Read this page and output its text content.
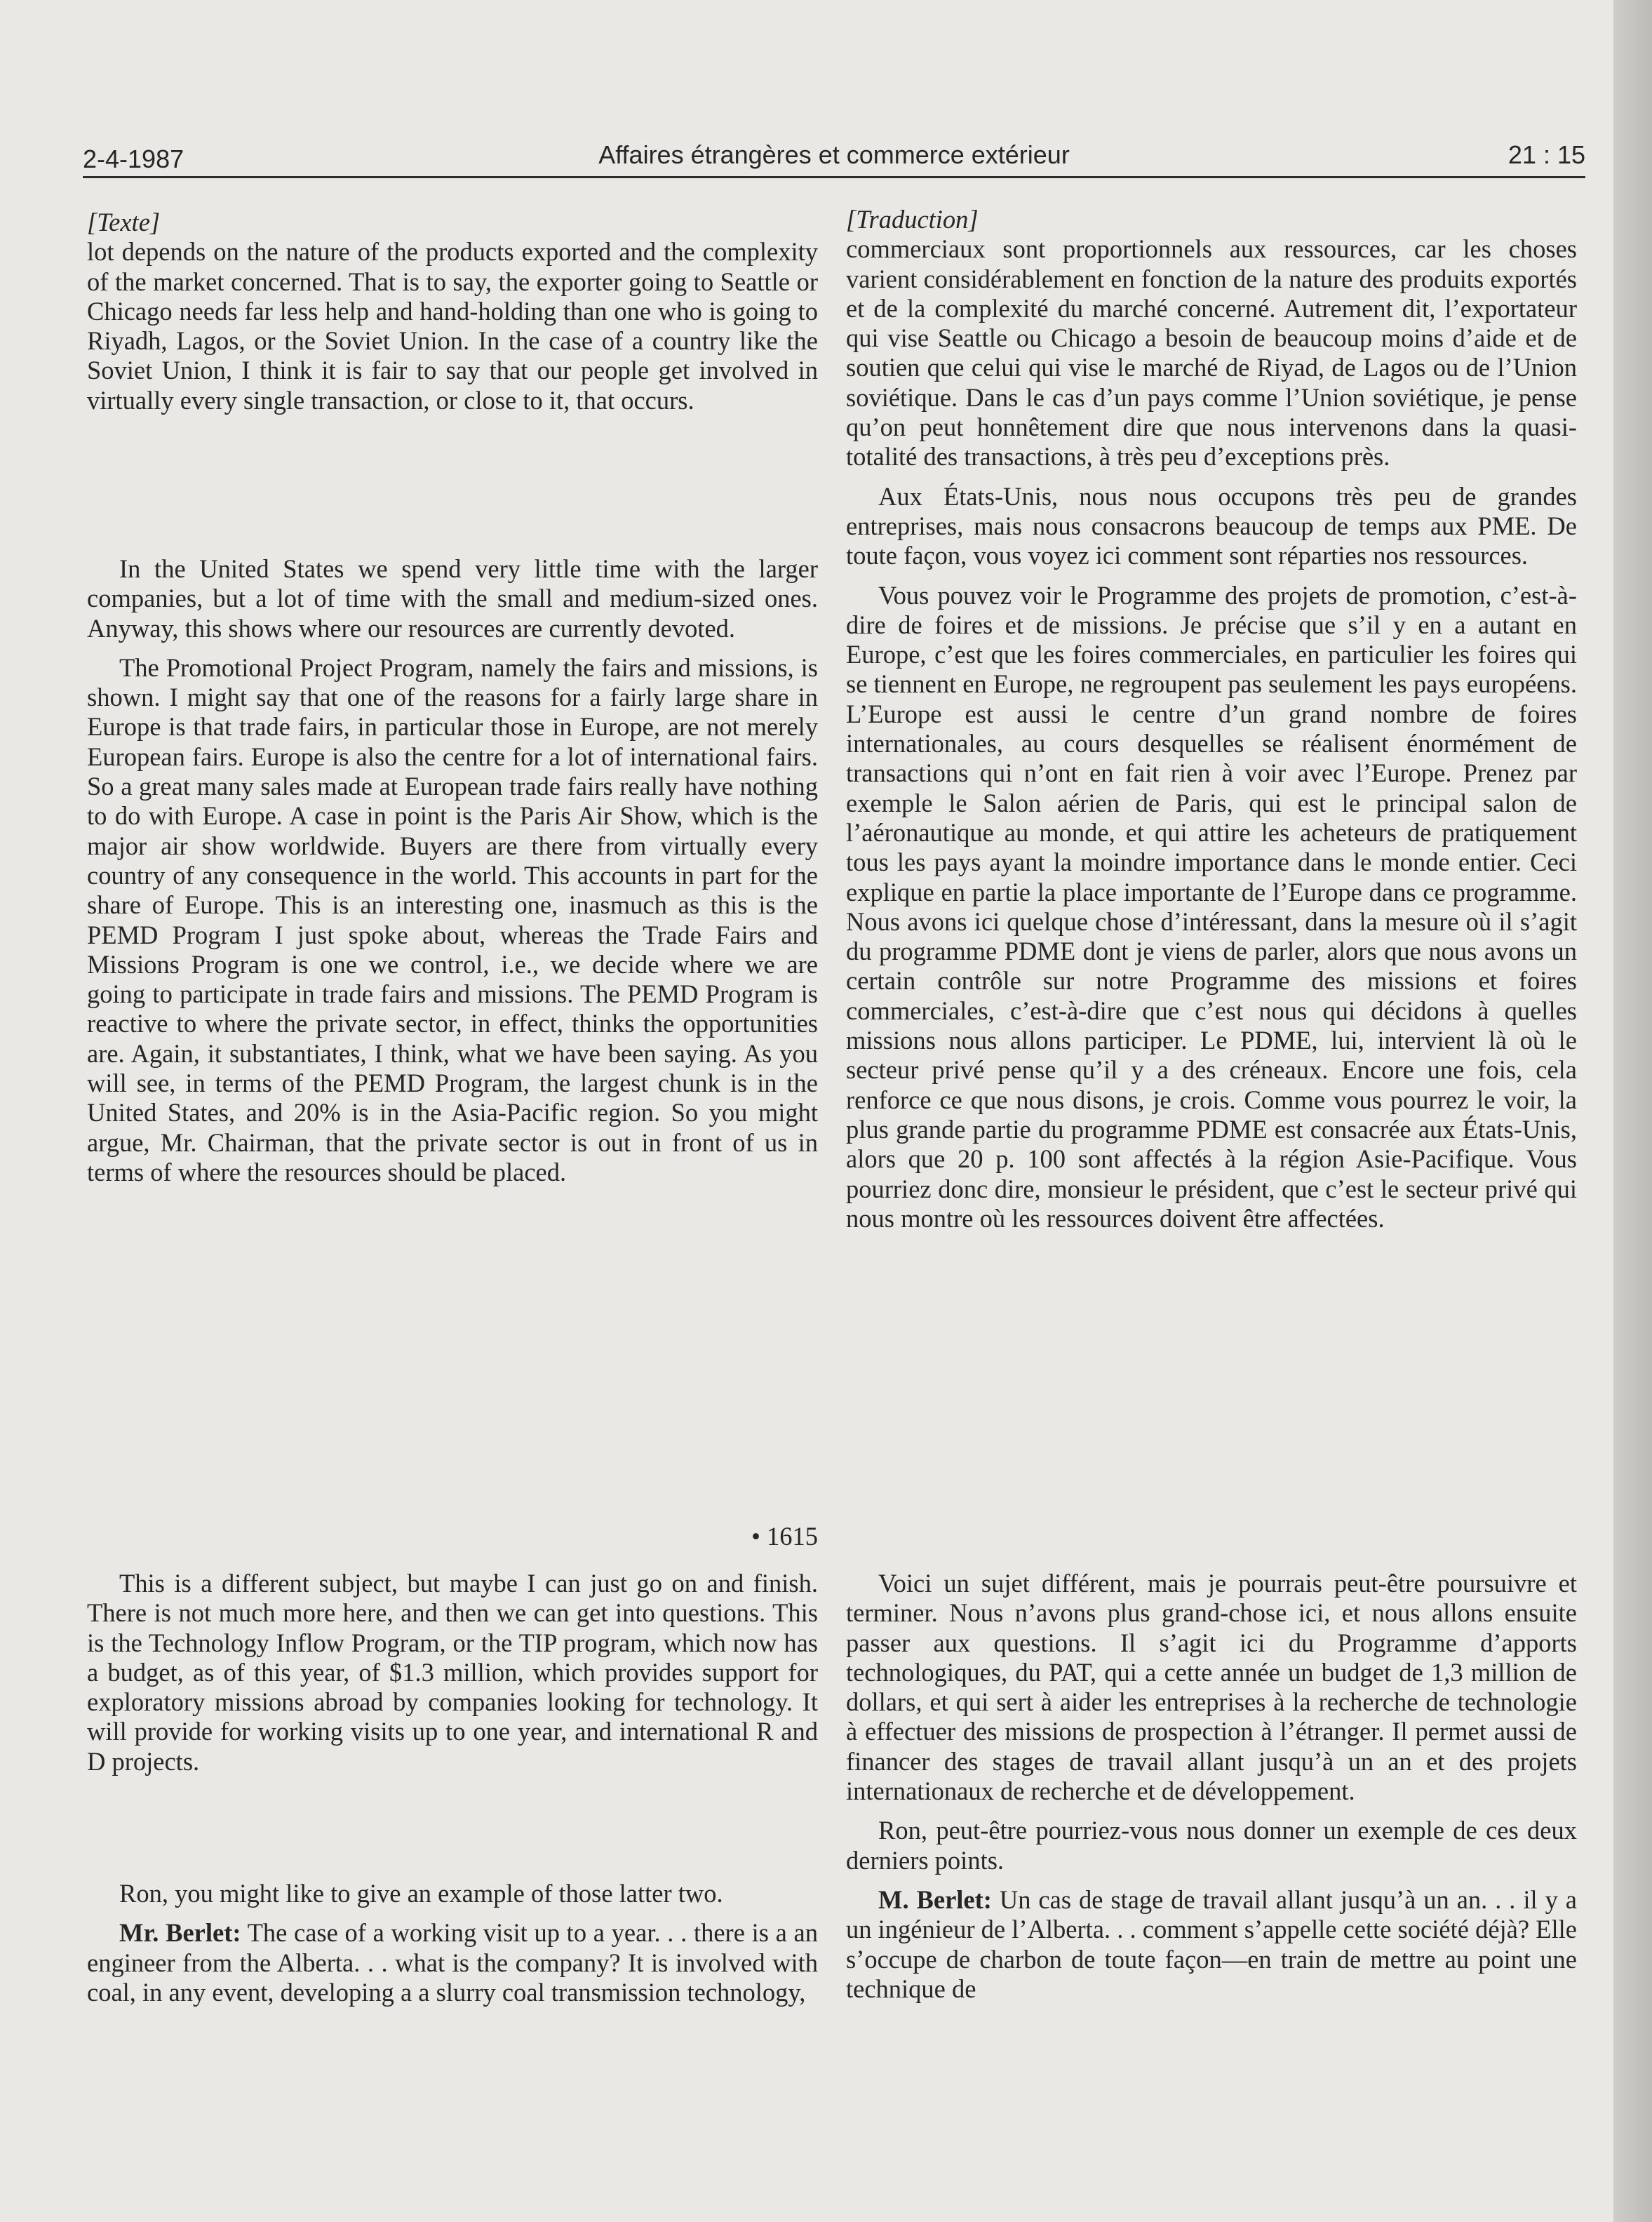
2-4-1987	Affaires étrangères et commerce extérieur	21 : 15

[Texte]

lot depends on the nature of the products exported and the complexity of the market concerned. That is to say, the exporter going to Seattle or Chicago needs far less help and hand-holding than one who is going to Riyadh, Lagos, or the Soviet Union. In the case of a country like the Soviet Union, I think it is fair to say that our people get involved in virtually every single transaction, or close to it, that occurs.

In the United States we spend very little time with the larger companies, but a lot of time with the small and medium-sized ones. Anyway, this shows where our resources are currently devoted.

The Promotional Project Program, namely the fairs and missions, is shown. I might say that one of the reasons for a fairly large share in Europe is that trade fairs, in particular those in Europe, are not merely European fairs. Europe is also the centre for a lot of international fairs. So a great many sales made at European trade fairs really have nothing to do with Europe. A case in point is the Paris Air Show, which is the major air show worldwide. Buyers are there from virtually every country of any consequence in the world. This accounts in part for the share of Europe. This is an interesting one, inasmuch as this is the PEMD Program I just spoke about, whereas the Trade Fairs and Missions Program is one we control, i.e., we decide where we are going to participate in trade fairs and missions. The PEMD Program is reactive to where the private sector, in effect, thinks the opportunities are. Again, it substantiates, I think, what we have been saying. As you will see, in terms of the PEMD Program, the largest chunk is in the United States, and 20% is in the Asia-Pacific region. So you might argue, Mr. Chairman, that the private sector is out in front of us in terms of where the resources should be placed.

• 1615

This is a different subject, but maybe I can just go on and finish. There is not much more here, and then we can get into questions. This is the Technology Inflow Program, or the TIP program, which now has a budget, as of this year, of $1.3 million, which provides support for exploratory missions abroad by companies looking for technology. It will provide for working visits up to one year, and international R and D projects.

Ron, you might like to give an example of those latter two.

Mr. Berlet: The case of a working visit up to a year. . . there is a an engineer from the Alberta. . . what is the company? It is involved with coal, in any event, developing a a slurry coal transmission technology,

[Traduction]

commerciaux sont proportionnels aux ressources, car les choses varient considérablement en fonction de la nature des produits exportés et de la complexité du marché concerné. Autrement dit, l’exportateur qui vise Seattle ou Chicago a besoin de beaucoup moins d’aide et de soutien que celui qui vise le marché de Riyad, de Lagos ou de l’Union soviétique. Dans le cas d’un pays comme l’Union soviétique, je pense qu’on peut honnêtement dire que nous intervenons dans la quasi-totalité des transactions, à très peu d’exceptions près.

Aux États-Unis, nous nous occupons très peu de grandes entreprises, mais nous consacrons beaucoup de temps aux PME. De toute façon, vous voyez ici comment sont réparties nos ressources.

Vous pouvez voir le Programme des projets de promotion, c’est-à-dire de foires et de missions. Je précise que s’il y en a autant en Europe, c’est que les foires commerciales, en particulier les foires qui se tiennent en Europe, ne regroupent pas seulement les pays européens. L’Europe est aussi le centre d’un grand nombre de foires internationales, au cours desquelles se réalisent énormément de transactions qui n’ont en fait rien à voir avec l’Europe. Prenez par exemple le Salon aérien de Paris, qui est le principal salon de l’aéronautique au monde, et qui attire les acheteurs de pratiquement tous les pays ayant la moindre importance dans le monde entier. Ceci explique en partie la place importante de l’Europe dans ce programme. Nous avons ici quelque chose d’intéressant, dans la mesure où il s’agit du programme PDME dont je viens de parler, alors que nous avons un certain contrôle sur notre Programme des missions et foires commerciales, c’est-à-dire que c’est nous qui décidons à quelles missions nous allons participer. Le PDME, lui, intervient là où le secteur privé pense qu’il y a des créneaux. Encore une fois, cela renforce ce que nous disons, je crois. Comme vous pourrez le voir, la plus grande partie du programme PDME est consacrée aux États-Unis, alors que 20 p. 100 sont affectés à la région Asie-Pacifique. Vous pourriez donc dire, monsieur le président, que c’est le secteur privé qui nous montre où les ressources doivent être affectées.

Voici un sujet différent, mais je pourrais peut-être poursuivre et terminer. Nous n’avons plus grand-chose ici, et nous allons ensuite passer aux questions. Il s’agit ici du Programme d’apports technologiques, du PAT, qui a cette année un budget de 1,3 million de dollars, et qui sert à aider les entreprises à la recherche de technologie à effectuer des missions de prospection à l’étranger. Il permet aussi de financer des stages de travail allant jusqu’à un an et des projets internationaux de recherche et de développement.

Ron, peut-être pourriez-vous nous donner un exemple de ces deux derniers points.

M. Berlet: Un cas de stage de travail allant jusqu’à un an. . . il y a un ingénieur de l’Alberta. . . comment s’appelle cette société déjà? Elle s’occupe de charbon de toute façon—en train de mettre au point une technique de
